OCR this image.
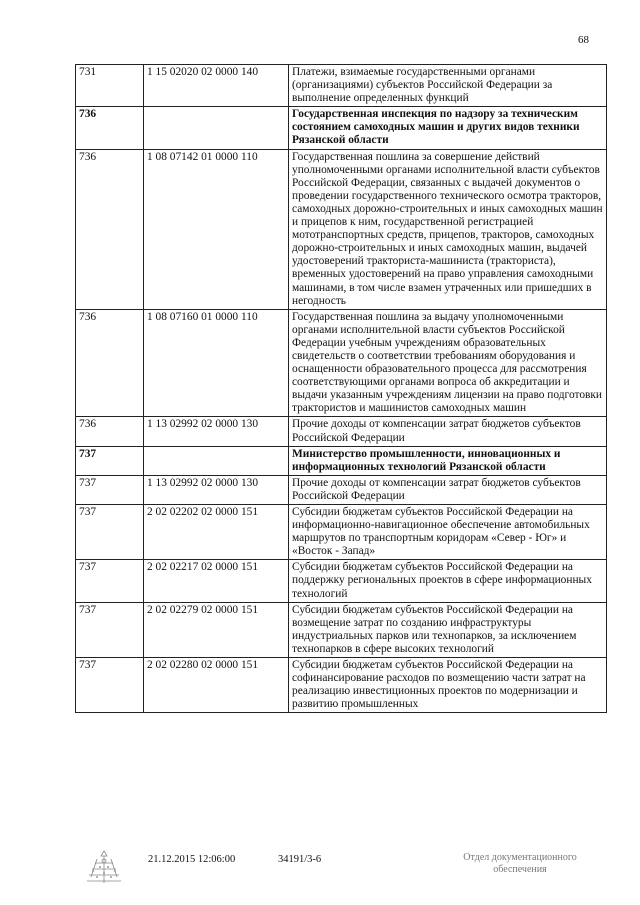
68
731	1 15 02020 02 0000 140	Платежи, взимаемые государственными органами (организациями) субъектов Российской Федерации за выполнение определенных функций
736		Государственная инспекция по надзору за техническим состоянием самоходных машин и других видов техники Рязанской области
736	1 08 07142 01 0000 110	Государственная пошлина за совершение действий уполномоченными органами исполнительной власти субъектов Российской Федерации, связанных с выдачей документов о проведении государственного технического осмотра тракторов, самоходных дорожно-строительных и иных самоходных машин и прицепов к ним, государственной регистрацией мототранспортных средств, прицепов, тракторов, самоходных дорожно-строительных и иных самоходных машин, выдачей удостоверений тракториста-машиниста (тракториста), временных удостоверений на право управления самоходными машинами, в том числе взамен утраченных или пришедших в негодность
736	1 08 07160 01 0000 110	Государственная пошлина за выдачу уполномоченными органами исполнительной власти субъектов Российской Федерации учебным учреждениям образовательных свидетельств о соответствии требованиям оборудования и оснащенности образовательного процесса для рассмотрения соответствующими органами вопроса об аккредитации и выдачи указанным учреждениям лицензии на право подготовки трактористов и машинистов самоходных машин
736	1 13 02992 02 0000 130	Прочие доходы от компенсации затрат бюджетов субъектов Российской Федерации
737		Министерство промышленности, инновационных и информационных технологий Рязанской области
737	1 13 02992 02 0000 130	Прочие доходы от компенсации затрат бюджетов субъектов Российской Федерации
737	2 02 02202 02 0000 151	Субсидии бюджетам субъектов Российской Федерации на информационно-навигационное обеспечение автомобильных маршрутов по транспортным коридорам «Север - Юг» и «Восток - Запад»
737	2 02 02217 02 0000 151	Субсидии бюджетам субъектов Российской Федерации на поддержку региональных проектов в сфере информационных технологий
737	2 02 02279 02 0000 151	Субсидии бюджетам субъектов Российской Федерации на возмещение затрат по созданию инфраструктуры индустриальных парков или технопарков, за исключением технопарков в сфере высоких технологий
737	2 02 02280 02 0000 151	Субсидии бюджетам субъектов Российской Федерации на софинансирование расходов по возмещению части затрат на реализацию инвестиционных проектов по модернизации и развитию промышленных
21.12.2015 12:06:00	34191/3-6	Отдел документационного
обеспечения
